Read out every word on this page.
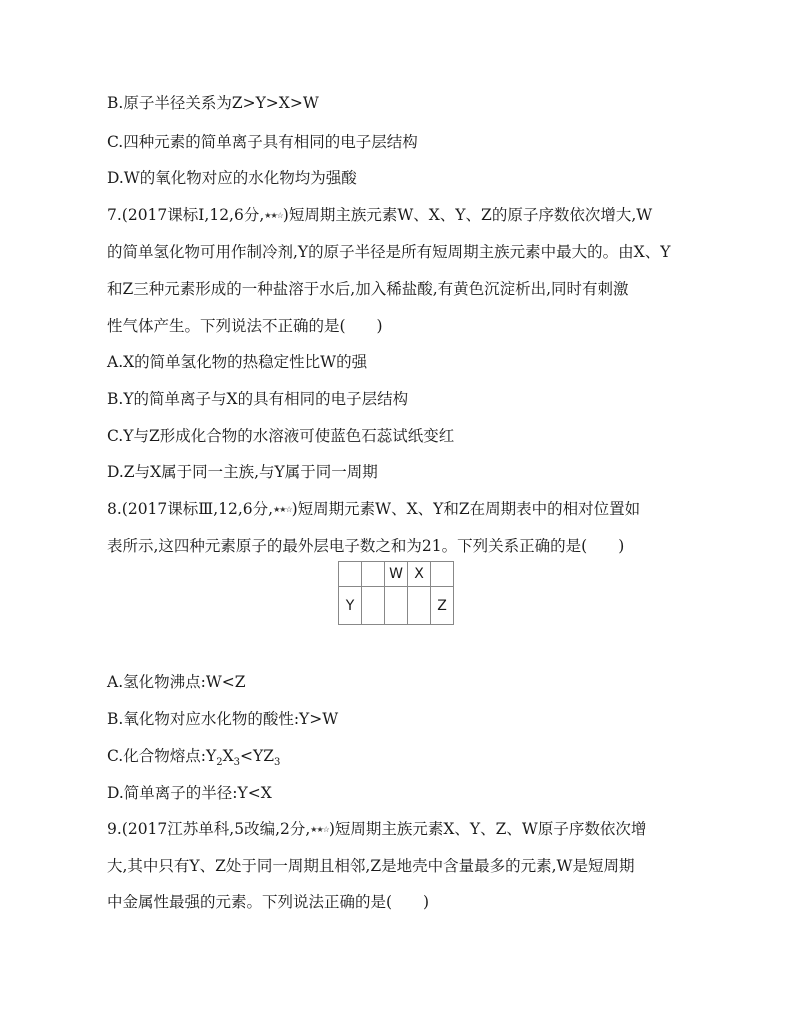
B.原子半径关系为Z>Y>X>W
C.四种元素的简单离子具有相同的电子层结构
D.W的氧化物对应的水化物均为强酸
7.(2017课标Ⅰ,12,6分,★★☆)短周期主族元素W、X、Y、Z的原子序数依次增大,W
的简单氢化物可用作制冷剂,Y的原子半径是所有短周期主族元素中最大的。由X、Y
和Z三种元素形成的一种盐溶于水后,加入稀盐酸,有黄色沉淀析出,同时有刺激
性气体产生。下列说法不正确的是(　　)
A.X的简单氢化物的热稳定性比W的强
B.Y的简单离子与X的具有相同的电子层结构
C.Y与Z形成化合物的水溶液可使蓝色石蕊试纸变红
D.Z与X属于同一主族,与Y属于同一周期
8.(2017课标Ⅲ,12,6分,★★☆)短周期元素W、X、Y和Z在周期表中的相对位置如
表所示,这四种元素原子的最外层电子数之和为21。下列关系正确的是(　　)
		W	X	
Y				Z
A.氢化物沸点:W<Z
B.氧化物对应水化物的酸性:Y>W
C.化合物熔点$:Y_2X_3<YZ_3$
D.简单离子的半径:Y<X
9.(2017江苏单科,5改编,2分,★★☆)短周期主族元素X、Y、Z、W原子序数依次增
大,其中只有Y、Z处于同一周期且相邻,Z是地壳中含量最多的元素,W是短周期
中金属性最强的元素。下列说法正确的是(　　)
